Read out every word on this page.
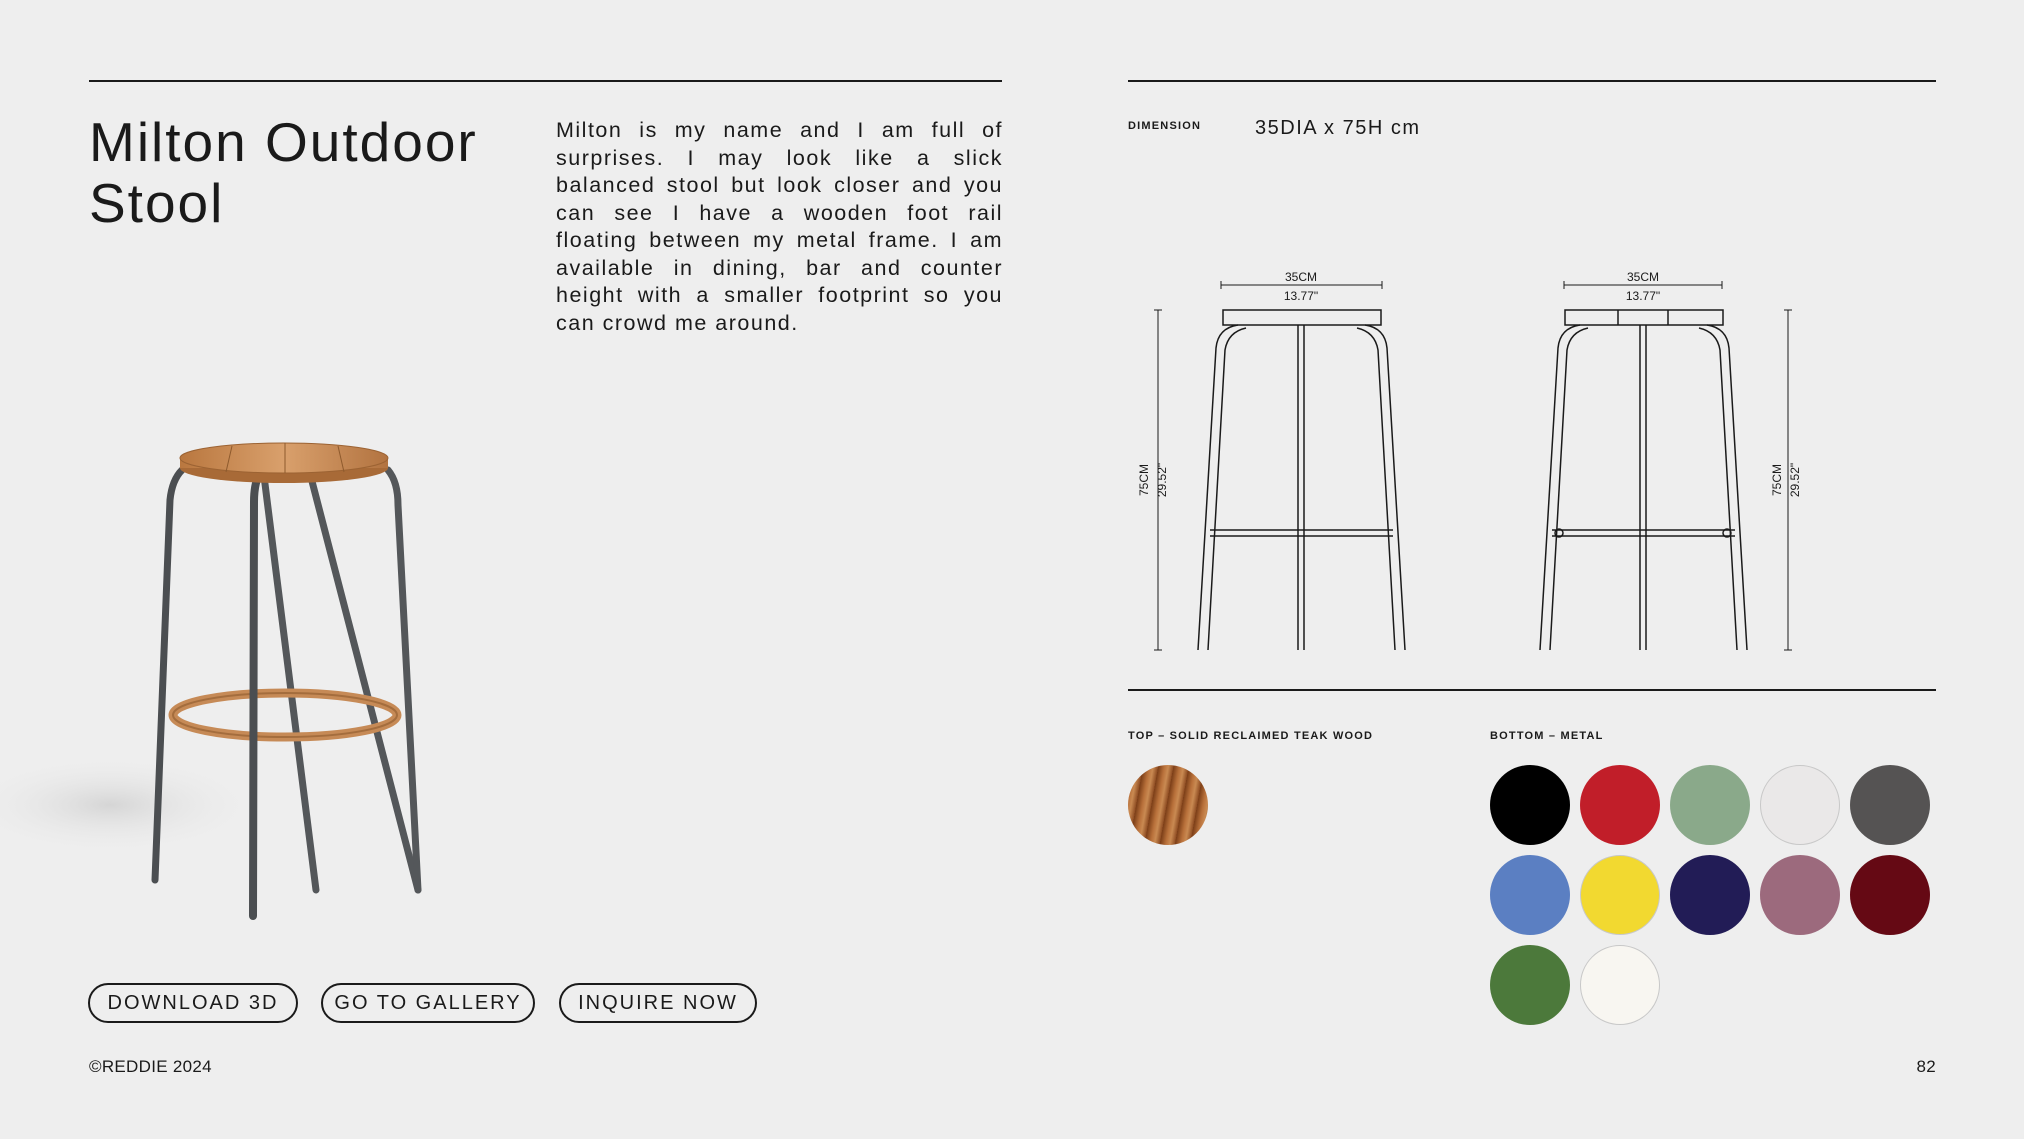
Milton Outdoor Stool

Milton is my name and I am full of surprises. I may look like a slick balanced stool but look closer and you can see I have a wooden foot rail floating between my metal frame. I am available in dining, bar and counter height with a smaller footprint so you can crowd me around.

DIMENSION	35DIA x 75H cm
35CM
13.77"
35CM
13.77"
75CM 29.52"	75CM 29.52"
TOP – SOLID RECLAIMED TEAK WOOD	BOTTOM – METAL
DOWNLOAD 3D	GO TO GALLERY	INQUIRE NOW
©REDDIE 2024	82
